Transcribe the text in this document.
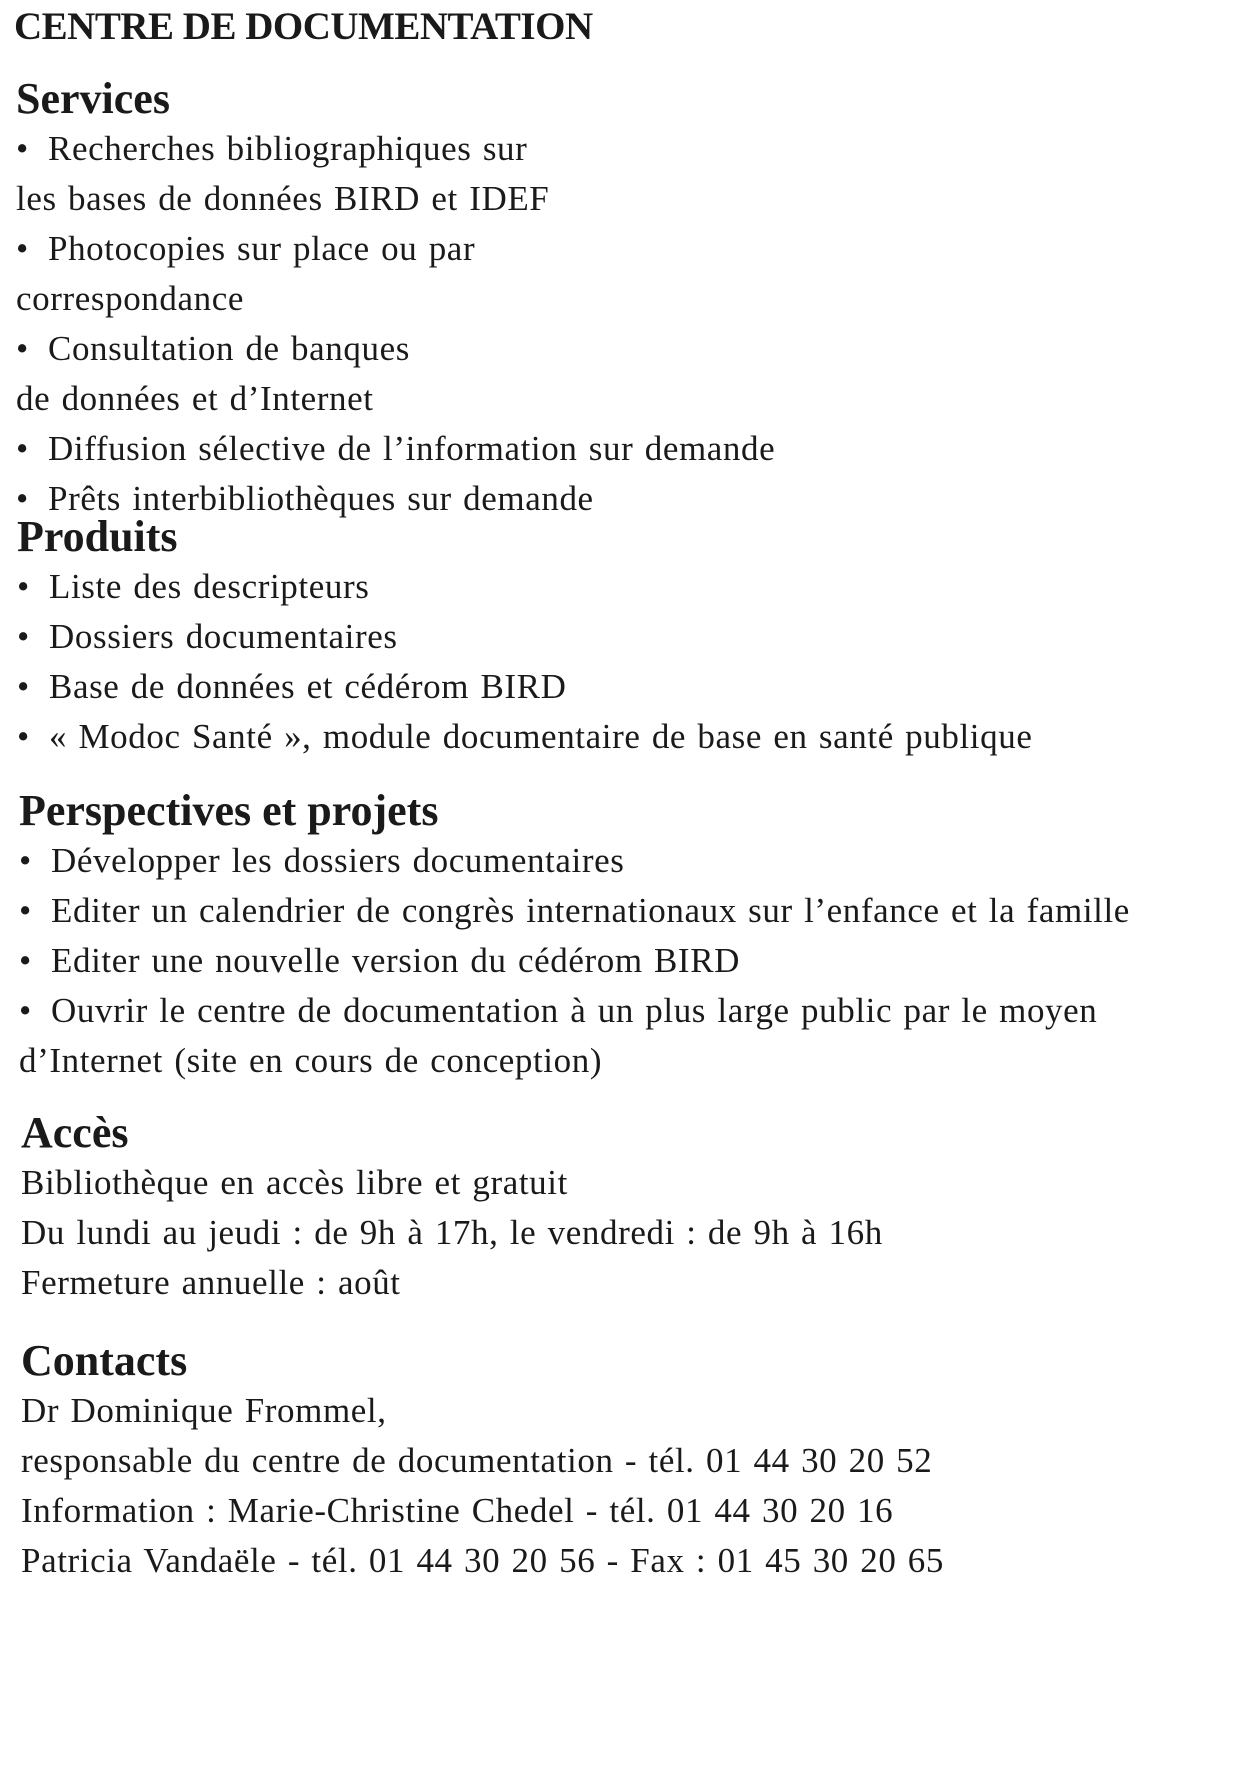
CENTRE DE DOCUMENTATION
Services
• Recherches bibliographiques sur
les bases de données BIRD et IDEF
• Photocopies sur place ou par
correspondance
• Consultation de banques
de données et d’Internet
• Diffusion sélective de l’information sur demande
• Prêts interbibliothèques sur demande
Produits
• Liste des descripteurs
• Dossiers documentaires
• Base de données et cédérom BIRD
• « Modoc Santé », module documentaire de base en santé publique
Perspectives et projets
• Développer les dossiers documentaires
• Editer un calendrier de congrès internationaux sur l’enfance et la famille
• Editer une nouvelle version du cédérom BIRD
• Ouvrir le centre de documentation à un plus large public par le moyen
d’Internet (site en cours de conception)
Accès
Bibliothèque en accès libre et gratuit
Du lundi au jeudi : de 9h à 17h, le vendredi : de 9h à 16h
Fermeture annuelle : août
Contacts
Dr Dominique Frommel,
responsable du centre de documentation - tél. 01 44 30 20 52
Information : Marie-Christine Chedel - tél. 01 44 30 20 16
Patricia Vandaële - tél. 01 44 30 20 56 - Fax : 01 45 30 20 65
